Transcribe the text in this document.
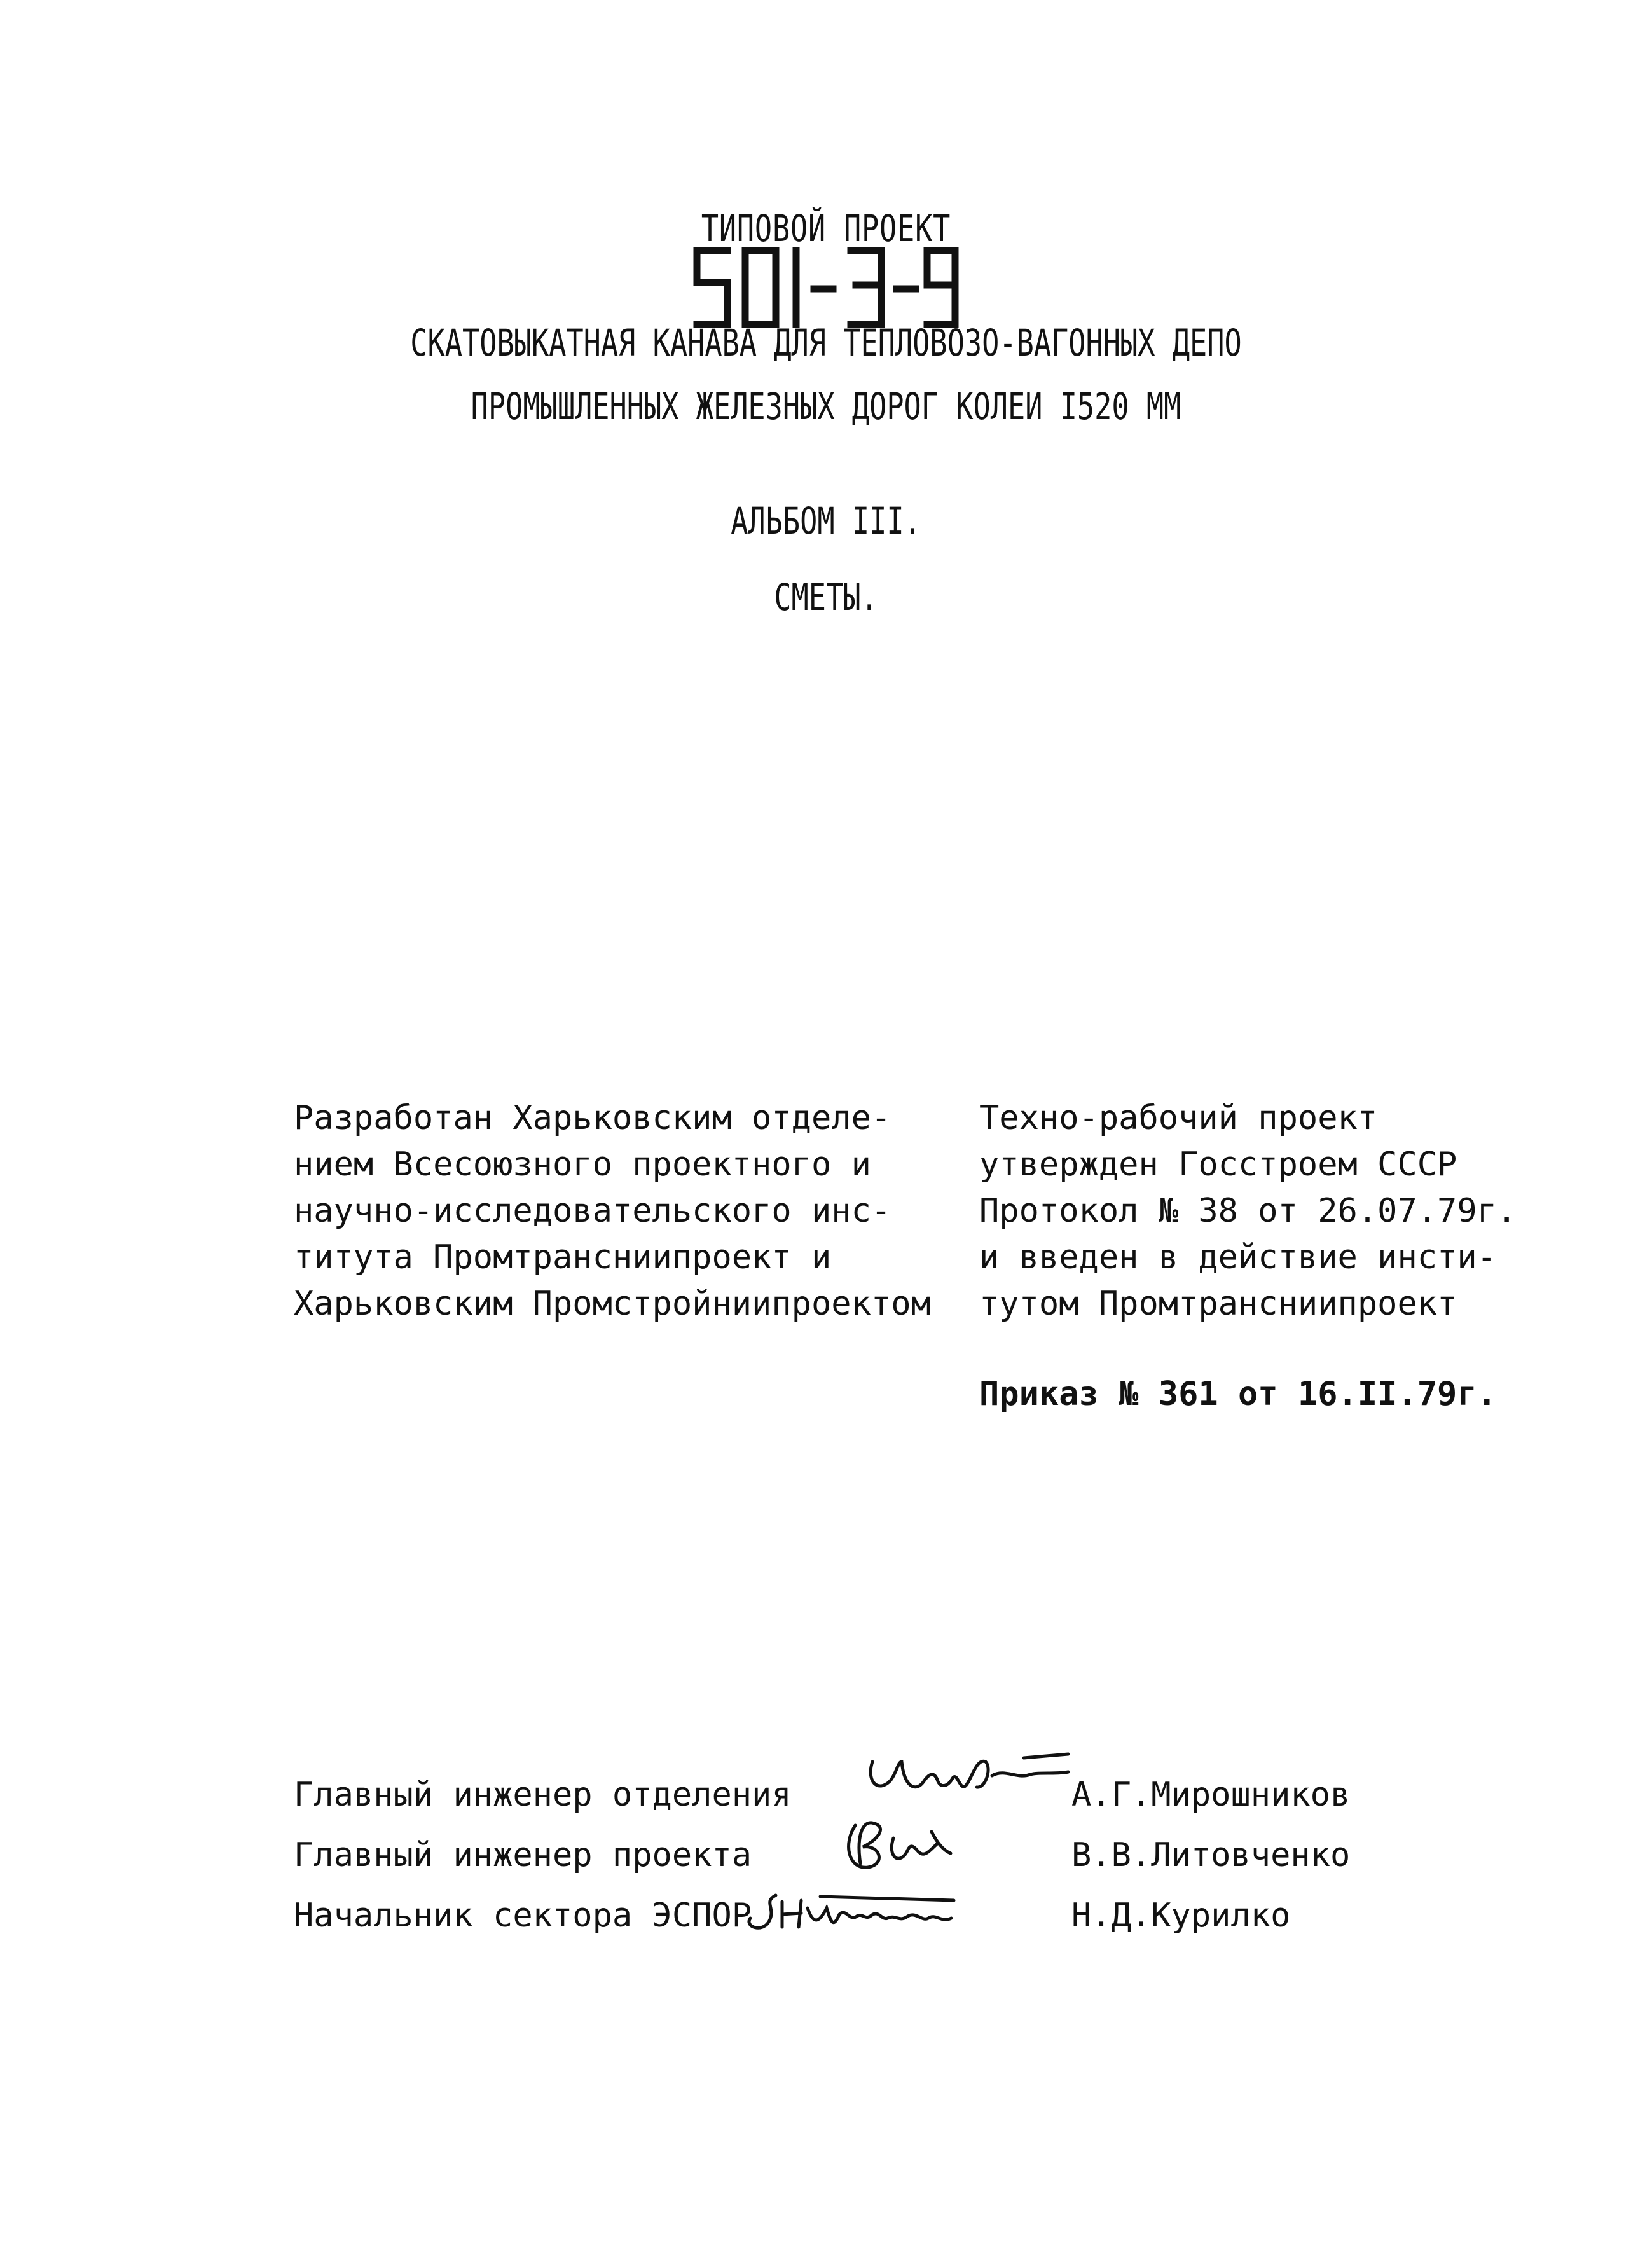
ТИПОВОЙ ПРОЕКТ
СКАТОВЫКАТНАЯ КАНАВА ДЛЯ ТЕПЛОВОЗО-ВАГОННЫХ ДЕПО
ПРОМЫШЛЕННЫХ ЖЕЛЕЗНЫХ ДОРОГ КОЛЕИ I520 ММ
АЛЬБОМ III.
СМЕТЫ.
Разработан Харьковским отделе-
нием Всесоюзного проектного и
научно-исследовательского инс-
титута Промтрансниипроект и
Харьковским Промстройниипроектом
Техно-рабочий проект
утвержден Госстроем СССР
Протокол № 38 от 26.07.79г.
и введен в действие инсти-
тутом Промтрансниипроект
Приказ № 361 от 16.II.79г.
Главный инженер отделения	А.Г.Мирошников
Главный инженер проекта	В.В.Литовченко
Начальник сектора ЭСПОР	Н.Д.Курилко
